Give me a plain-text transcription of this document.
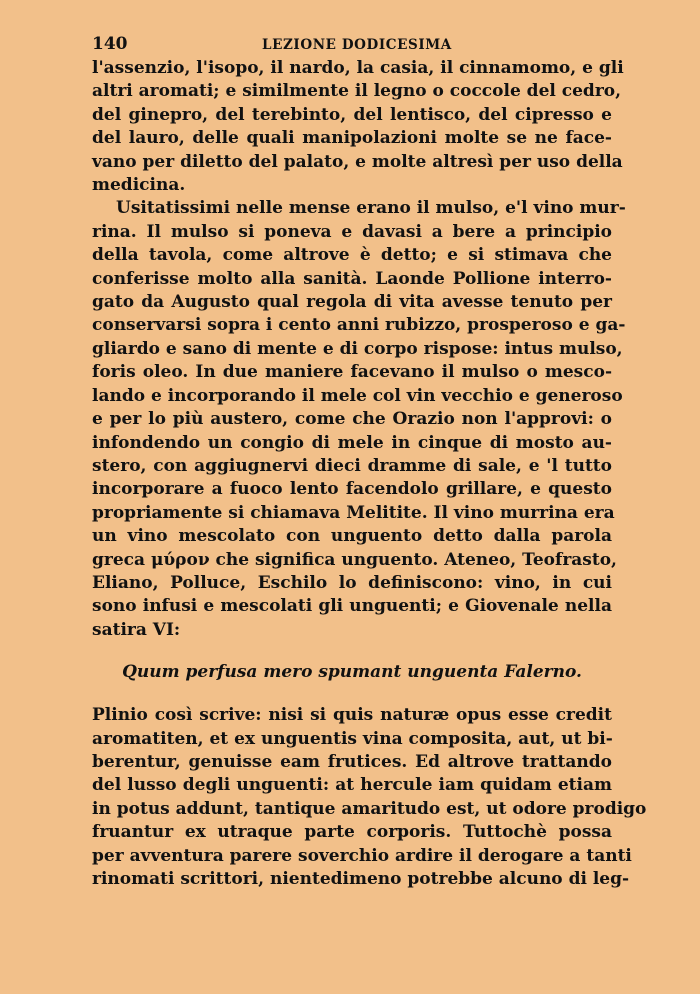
140	LEZIONE DODICESIMA
l'assenzio, l'isopo, il nardo, la casia, il cinnamomo, e gli
altri aromati; e similmente il legno o coccole del cedro,
del ginepro, del terebinto, del lentisco, del cipresso e
del lauro, delle quali manipolazioni molte se ne face-
vano per diletto del palato, e molte altresì per uso della
medicina.
Usitatissimi nelle mense erano il mulso, e'l vino mur-
rina. Il mulso si poneva e davasi a bere a principio
della tavola, come altrove è detto; e si stimava che
conferisse molto alla sanità. Laonde Pollione interro-
gato da Augusto qual regola di vita avesse tenuto per
conservarsi sopra i cento anni rubizzo, prosperoso e ga-
gliardo e sano di mente e di corpo rispose: intus mulso,
foris oleo. In due maniere facevano il mulso o mesco-
lando e incorporando il mele col vin vecchio e generoso
e per lo più austero, come che Orazio non l'approvi: o
infondendo un congio di mele in cinque di mosto au-
stero, con aggiugnervi dieci dramme di sale, e 'l tutto
incorporare a fuoco lento facendolo grillare, e questo
propriamente si chiamava Melitite. Il vino murrina era
un vino mescolato con unguento detto dalla parola
greca μύρον che significa unguento. Ateneo, Teofrasto,
Eliano, Polluce, Eschilo lo definiscono: vino, in cui
sono infusi e mescolati gli unguenti; e Giovenale nella
satira VI:
Quum perfusa mero spumant unguenta Falerno.
Plinio così scrive: nisi si quis naturæ opus esse credit
aromatiten, et ex unguentis vina composita, aut, ut bi-
berentur, genuisse eam frutices. Ed altrove trattando
del lusso degli unguenti: at hercule iam quidam etiam
in potus addunt, tantique amaritudo est, ut odore prodigo
fruantur ex utraque parte corporis. Tuttochè possa
per avventura parere soverchio ardire il derogare a tanti
rinomati scrittori, nientedimeno potrebbe alcuno di leg-
